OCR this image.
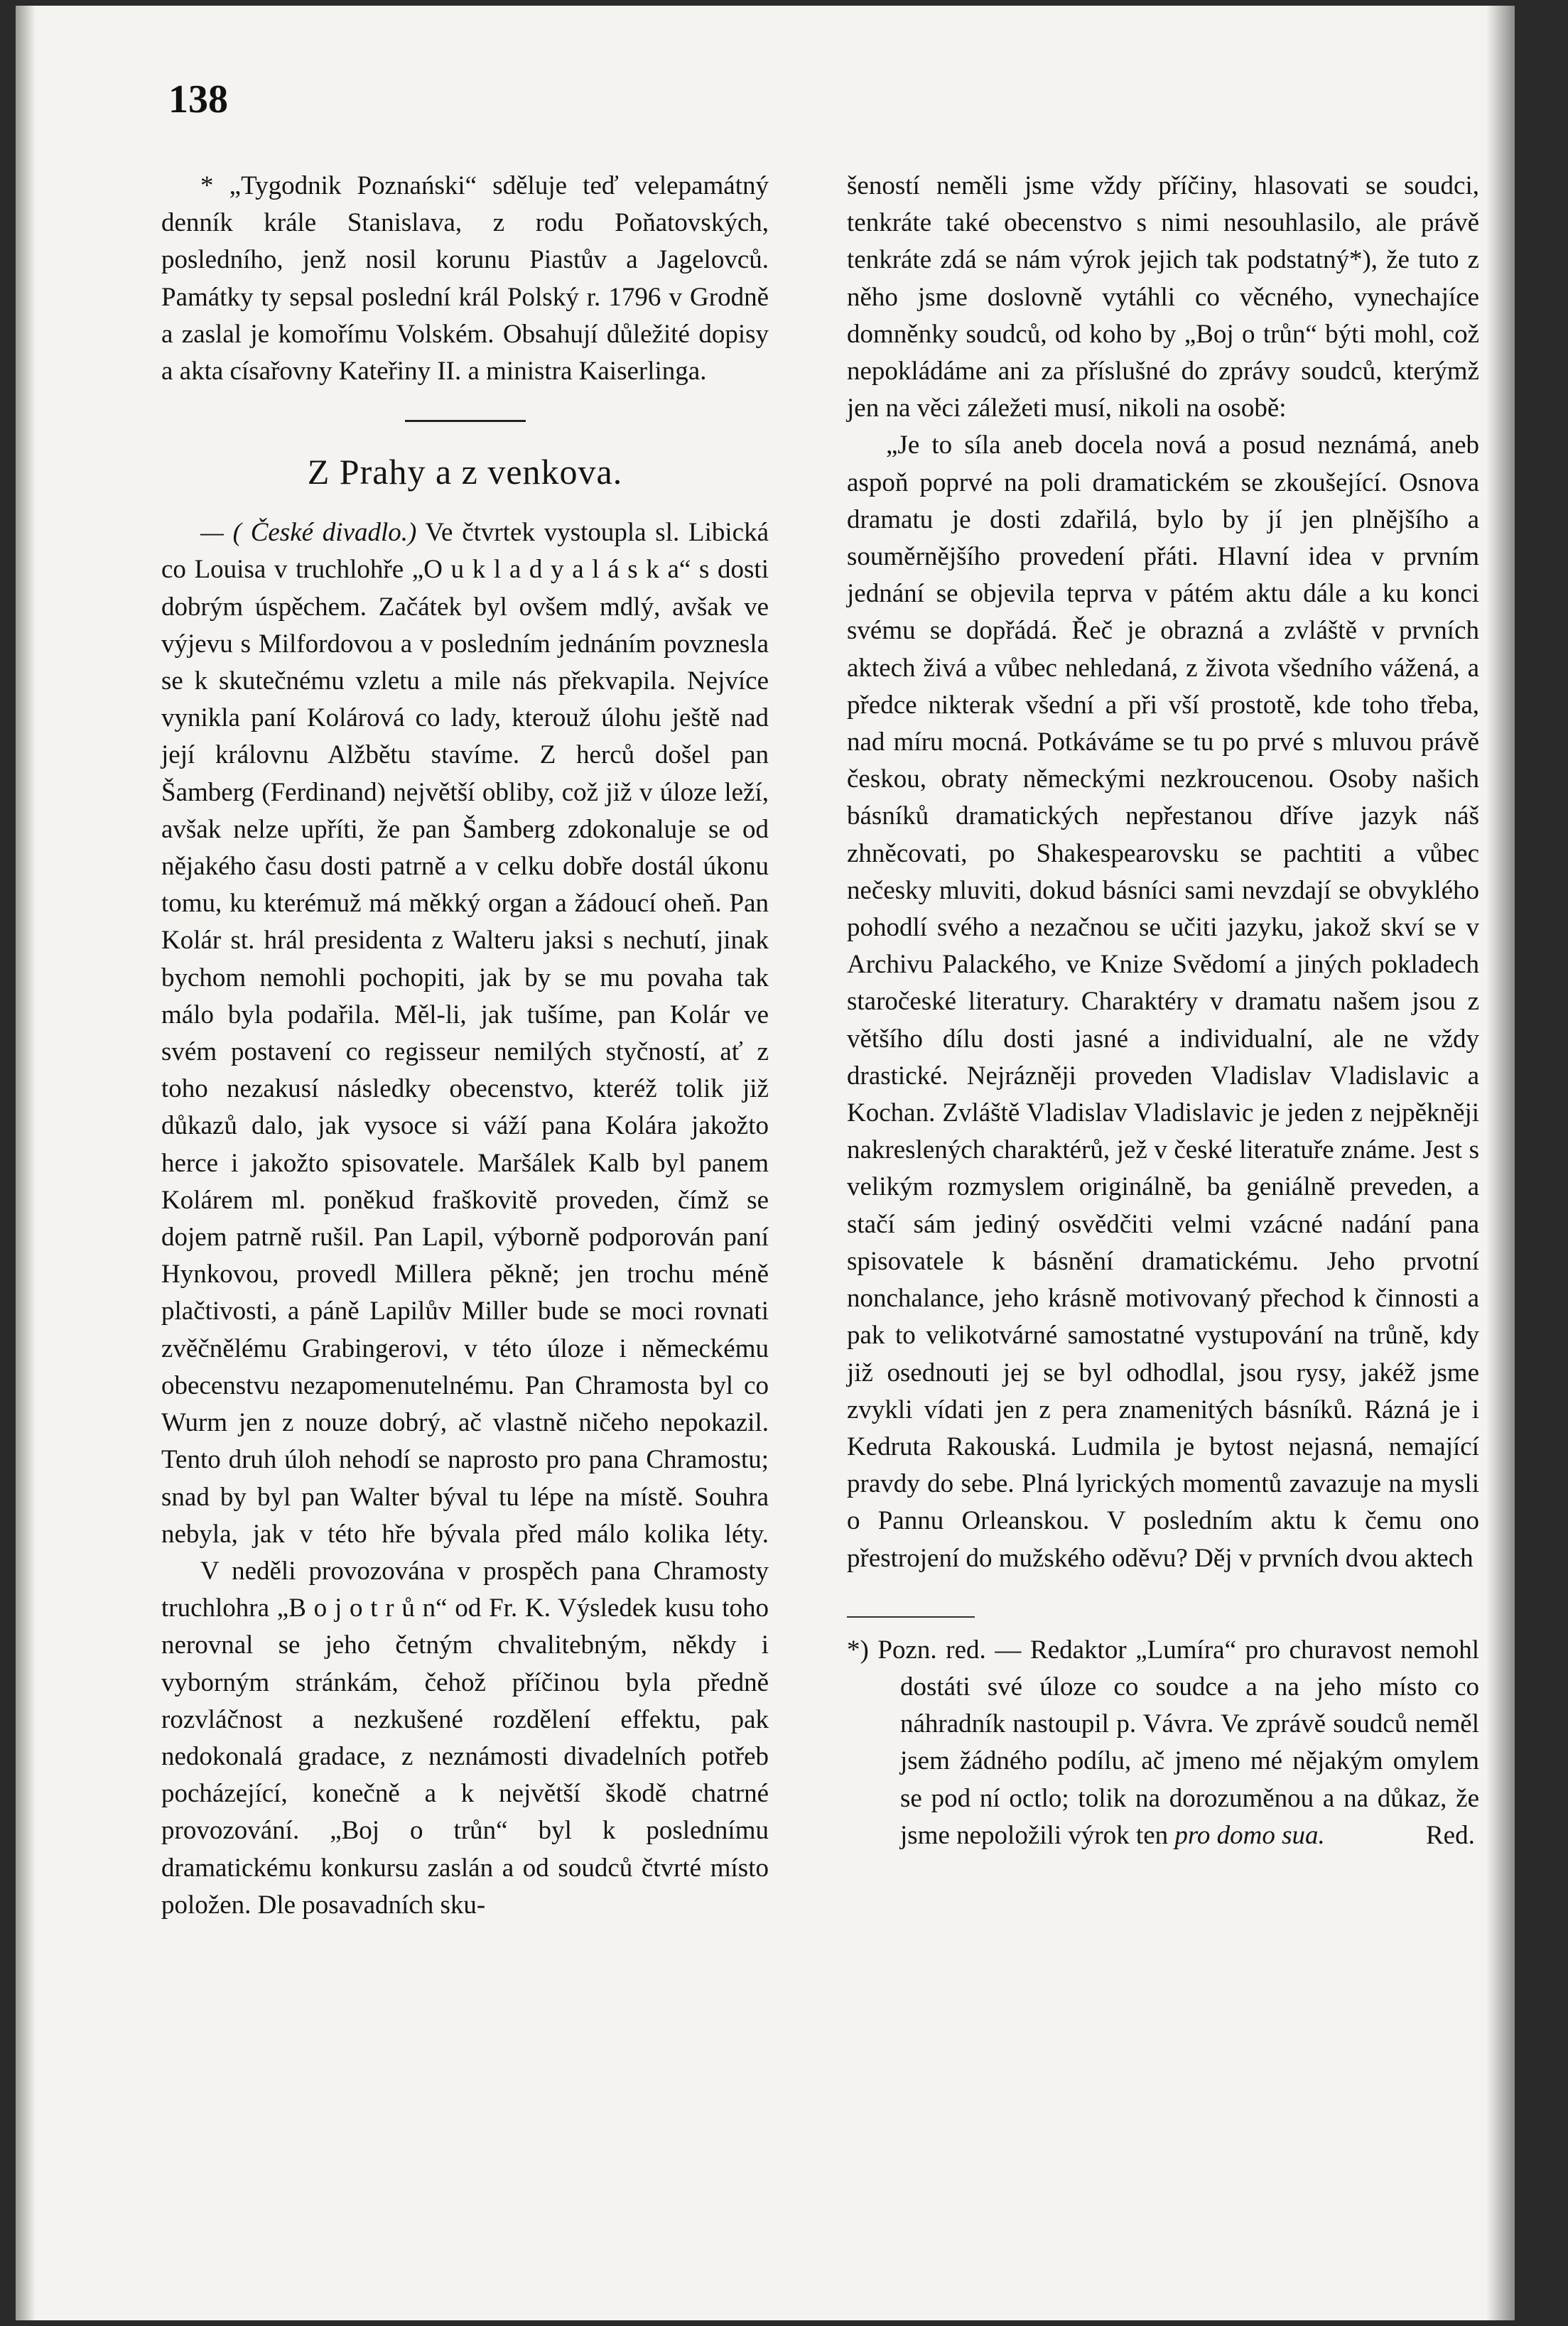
138

* „Tygodnik Poznański“ sděluje teď velepamátný denník krále Stanislava, z rodu Poňatovských, posledního, jenž nosil korunu Piastův a Jagelovců. Památky ty sepsal poslední král Polský r. 1796 v Grodně a zaslal je komořímu Volském. Obsahují důležité dopisy a akta císařovny Kateřiny II. a ministra Kaiserlinga.

Z Prahy a z venkova.

— ( České divadlo.) Ve čtvrtek vystoupla sl. Libická co Louisa v truchlohře „O u k l a d y a l á s k a“ s dosti dobrým úspěchem. Začátek byl ovšem mdlý, avšak ve výjevu s Milfordovou a v posledním jednáním povznesla se k skutečnému vzletu a mile nás překvapila. Nejvíce vynikla paní Kolárová co lady, kterouž úlohu ještě nad její královnu Alžbětu stavíme. Z herců došel pan Šamberg (Ferdinand) největší obliby, což již v úloze leží, avšak nelze upříti, že pan Šamberg zdokonaluje se od nějakého času dosti patrně a v celku dobře dostál úkonu tomu, ku kterémuž má měkký organ a žádoucí oheň. Pan Kolár st. hrál presidenta z Walteru jaksi s nechutí, jinak bychom nemohli pochopiti, jak by se mu povaha tak málo byla podařila. Měl-li, jak tušíme, pan Kolár ve svém postavení co regisseur nemilých styčností, ať z toho nezakusí následky obecenstvo, kteréž tolik již důkazů dalo, jak vysoce si váží pana Kolára jakožto herce i jakožto spisovatele. Maršálek Kalb byl panem Kolárem ml. poněkud fraškovitě proveden, čímž se dojem patrně rušil. Pan Lapil, výborně podporován paní Hynkovou, provedl Millera pěkně; jen trochu méně plačtivosti, a páně Lapilův Miller bude se moci rovnati zvěčnělému Grabingerovi, v této úloze i německému obecenstvu nezapomenutelnému. Pan Chramosta byl co Wurm jen z nouze dobrý, ač vlastně ničeho nepokazil. Tento druh úloh nehodí se naprosto pro pana Chramostu; snad by byl pan Walter býval tu lépe na místě. Souhra nebyla, jak v této hře bývala před málo kolika léty.

V neděli provozována v prospěch pana Chramosty truchlohra „B o j o t r ů n“ od Fr. K. Výsledek kusu toho nerovnal se jeho četným chvalitebným, někdy i vyborným stránkám, čehož příčinou byla předně rozvláčnost a nezkušené rozdělení effektu, pak nedokonalá gradace, z neznámosti divadelních potřeb pocházející, konečně a k největší škodě chatrné provozování. „Boj o trůn“ byl k poslednímu dramatickému konkursu zaslán a od soudců čtvrté místo položen. Dle posavadních sku-

šeností neměli jsme vždy příčiny, hlasovati se soudci, tenkráte také obecenstvo s nimi nesouhlasilo, ale právě tenkráte zdá se nám výrok jejich tak podstatný*), že tuto z něho jsme doslovně vytáhli co věcného, vynechajíce domněnky soudců, od koho by „Boj o trůn“ býti mohl, což nepokládáme ani za příslušné do zprávy soudců, kterýmž jen na věci záležeti musí, nikoli na osobě:

„Je to síla aneb docela nová a posud neznámá, aneb aspoň poprvé na poli dramatickém se zkoušející. Osnova dramatu je dosti zdařilá, bylo by jí jen plnějšího a souměrnějšího provedení přáti. Hlavní idea v prvním jednání se objevila teprva v pátém aktu dále a ku konci svému se dopřádá. Řeč je obrazná a zvláště v prvních aktech živá a vůbec nehledaná, z života všedního vážená, a předce nikterak všední a při vší prostotě, kde toho třeba, nad míru mocná. Potkáváme se tu po prvé s mluvou právě českou, obraty německými nezkroucenou. Osoby našich básníků dramatických nepřestanou dříve jazyk náš zhněcovati, po Shakespearovsku se pachtiti a vůbec nečesky mluviti, dokud básníci sami nevzdají se obvyklého pohodlí svého a nezačnou se učiti jazyku, jakož skví se v Archivu Palackého, ve Knize Svědomí a jiných pokladech staročeské literatury. Charaktéry v dramatu našem jsou z většího dílu dosti jasné a individualní, ale ne vždy drastické. Nejrázněji proveden Vladislav Vladislavic a Kochan. Zvláště Vladislav Vladislavic je jeden z nejpěkněji nakreslených charaktérů, jež v české literatuře známe. Jest s velikým rozmyslem originálně, ba geniálně preveden, a stačí sám jediný osvědčiti velmi vzácné nadání pana spisovatele k básnění dramatickému. Jeho prvotní nonchalance, jeho krásně motivovaný přechod k činnosti a pak to velikotvárné samostatné vystupování na trůně, kdy již osednouti jej se byl odhodlal, jsou rysy, jakéž jsme zvykli vídati jen z pera znamenitých básníků. Rázná je i Kedruta Rakouská. Ludmila je bytost nejasná, nemající pravdy do sebe. Plná lyrických momentů zavazuje na mysli o Pannu Orleanskou. V posledním aktu k čemu ono přestrojení do mužského oděvu? Děj v prvních dvou aktech

*) Pozn. red. — Redaktor „Lumíra“ pro churavost nemohl dostáti své úloze co soudce a na jeho místo co náhradník nastoupil p. Vávra. Ve zprávě soudců neměl jsem žádného podílu, ač jmeno mé nějakým omylem se pod ní octlo; tolik na dorozuměnou a na důkaz, že jsme nepoložili výrok ten pro domo sua.	Red.
